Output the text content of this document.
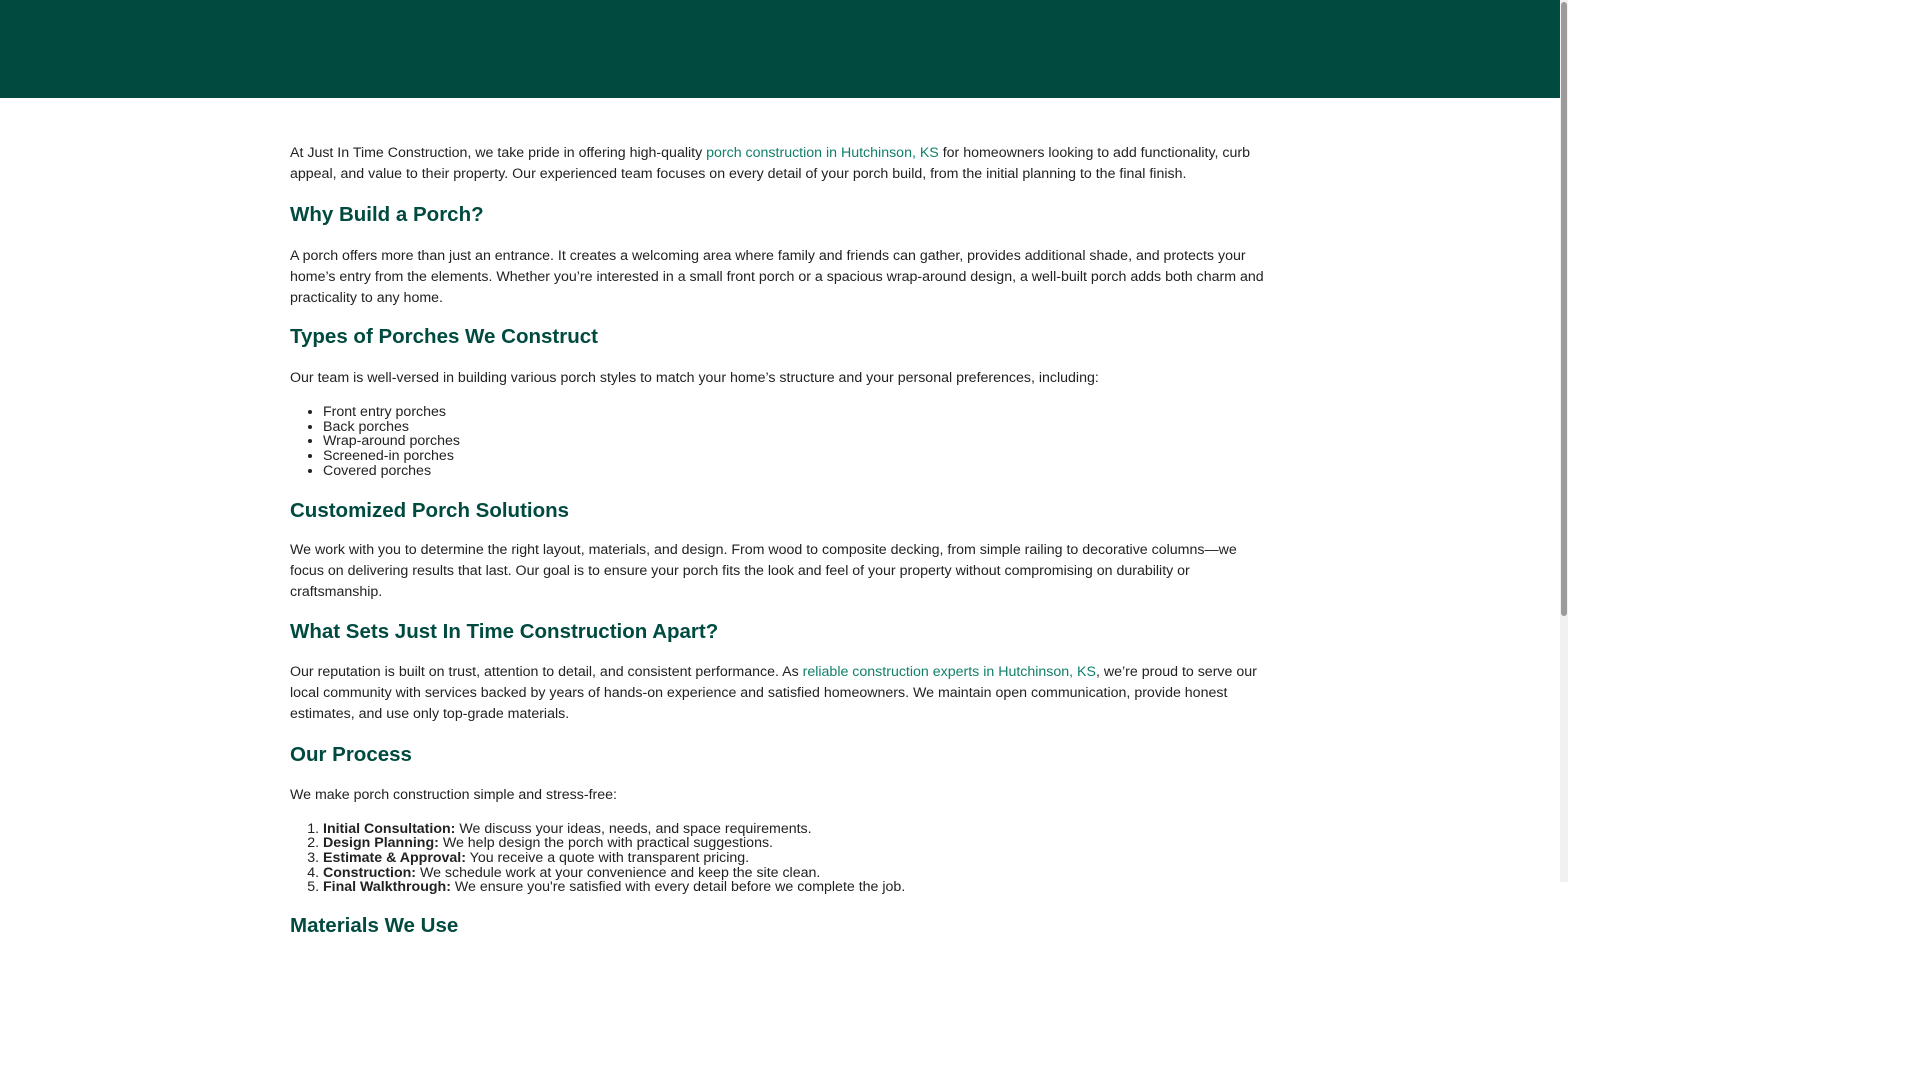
At Just In Time Construction, we take pride in offering high-quality porch construction in Hutchinson, KS for homeowners looking to add functionality, curb appeal, and value to their property. Our experienced team focuses on every detail of your porch build, from the initial planning to the final finish.

Why Build a Porch?

A porch offers more than just an entrance. It creates a welcoming area where family and friends can gather, provides additional shade, and protects your home’s entry from the elements. Whether you’re interested in a small front porch or a spacious wrap-around design, a well-built porch adds both charm and practicality to any home.

Types of Porches We Construct

Our team is well-versed in building various porch styles to match your home’s structure and your personal preferences, including:

• Front entry porches
• Back porches
• Wrap-around porches
• Screened-in porches
• Covered porches
Customized Porch Solutions

We work with you to determine the right layout, materials, and design. From wood to composite decking, from simple railing to decorative columns—we focus on delivering results that last. Our goal is to ensure your porch fits the look and feel of your property without compromising on durability or craftsmanship.

What Sets Just In Time Construction Apart?

Our reputation is built on trust, attention to detail, and consistent performance. As reliable construction experts in Hutchinson, KS, we’re proud to serve our local community with services backed by years of hands-on experience and satisfied homeowners. We maintain open communication, provide honest estimates, and use only top-grade materials.

Our Process

We make porch construction simple and stress-free:

1. Initial Consultation: We discuss your ideas, needs, and space requirements.
2. Design Planning: We help design the porch with practical suggestions.
3. Estimate & Approval: You receive a quote with transparent pricing.
4. Construction: We schedule work at your convenience and keep the site clean.
5. Final Walkthrough: We ensure you're satisfied with every detail before we complete the job.
Materials We Use
